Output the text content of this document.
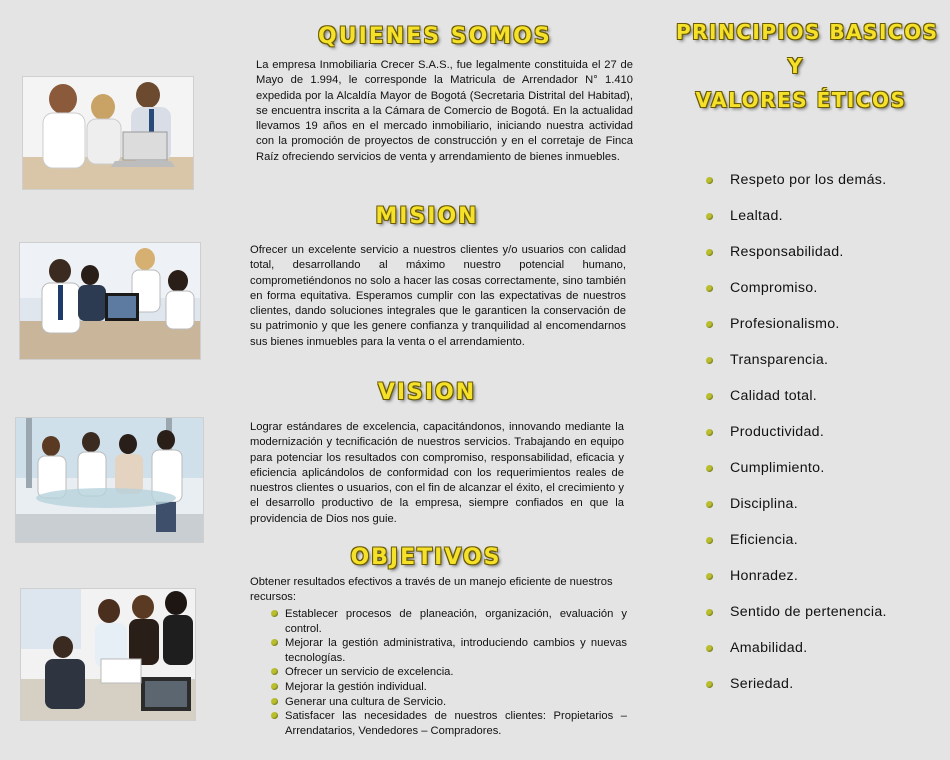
QUIENES SOMOS
La empresa Inmobiliaria Crecer S.A.S., fue legalmente constituida el 27 de Mayo de 1.994, le corresponde la Matricula de Arrendador N° 1.410 expedida por la Alcaldía Mayor de Bogotá (Secretaria Distrital del Habitad), se encuentra inscrita a la Cámara de Comercio de Bogotá. En la actualidad llevamos 19 años en el mercado inmobiliario, iniciando nuestra actividad con la promoción de proyectos de construcción y en el corretaje de Finca Raíz ofreciendo servicios de venta y arrendamiento de bienes inmuebles.
MISION
Ofrecer un excelente servicio a nuestros clientes y/o usuarios con calidad total, desarrollando al máximo nuestro potencial humano, comprometiéndonos no solo a hacer las cosas correctamente, sino también en forma equitativa. Esperamos cumplir con las expectativas de nuestros clientes, dando soluciones integrales que le garanticen la conservación de su patrimonio y que les genere confianza y tranquilidad al encomendarnos sus bienes inmuebles para la venta o el arrendamiento.
VISION
Lograr estándares de excelencia, capacitándonos, innovando mediante la modernización y tecnificación de nuestros servicios. Trabajando en equipo para potenciar los resultados con compromiso, responsabilidad, eficacia y eficiencia aplicándolos de conformidad con los requerimientos reales de nuestros clientes o usuarios, con el fin de alcanzar el éxito, el crecimiento y el desarrollo productivo de la empresa, siempre confiados en que la providencia de Dios nos guie.
OBJETIVOS
Obtener resultados efectivos a través de un manejo eficiente de nuestros recursos:
Establecer procesos de planeación, organización, evaluación y control.
Mejorar la gestión administrativa, introduciendo cambios y nuevas tecnologías.
Ofrecer un servicio de excelencia.
Mejorar la gestión individual.
Generar una cultura de Servicio.
Satisfacer las necesidades de nuestros clientes: Propietarios – Arrendatarios, Vendedores – Compradores.
PRINCIPIOS BASICOS
Y
VALORES ÉTICOS
Respeto por los demás.
Lealtad.
Responsabilidad.
Compromiso.
Profesionalismo.
Transparencia.
Calidad total.
Productividad.
Cumplimiento.
Disciplina.
Eficiencia.
Honradez.
Sentido de pertenencia.
Amabilidad.
Seriedad.
